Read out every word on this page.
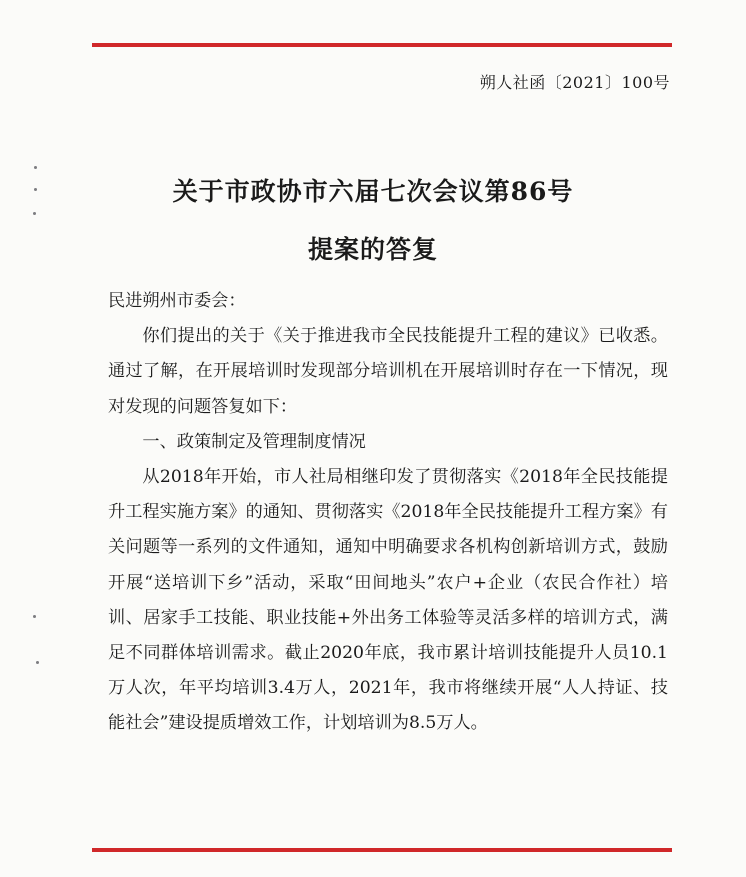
朔人社函〔2021〕100号
关于市政协市六届七次会议第86号
提案的答复

民进朔州市委会：

你们提出的关于《关于推进我市全民技能提升工程的建议》已收悉。通过了解，在开展培训时发现部分培训机在开展培训时存在一下情况，现对发现的问题答复如下：

一、政策制定及管理制度情况

从2018年开始，市人社局相继印发了贯彻落实《2018年全民技能提升工程实施方案》的通知、贯彻落实《2018年全民技能提升工程方案》有关问题等一系列的文件通知，通知中明确要求各机构创新培训方式，鼓励开展“送培训下乡”活动，采取“田间地头”农户+企业（农民合作社）培训、居家手工技能、职业技能+外出务工体验等灵活多样的培训方式，满足不同群体培训需求。截止2020年底，我市累计培训技能提升人员10.1万人次，年平均培训3.4万人，2021年，我市将继续开展“人人持证、技能社会”建设提质增效工作，计划培训为8.5万人。
